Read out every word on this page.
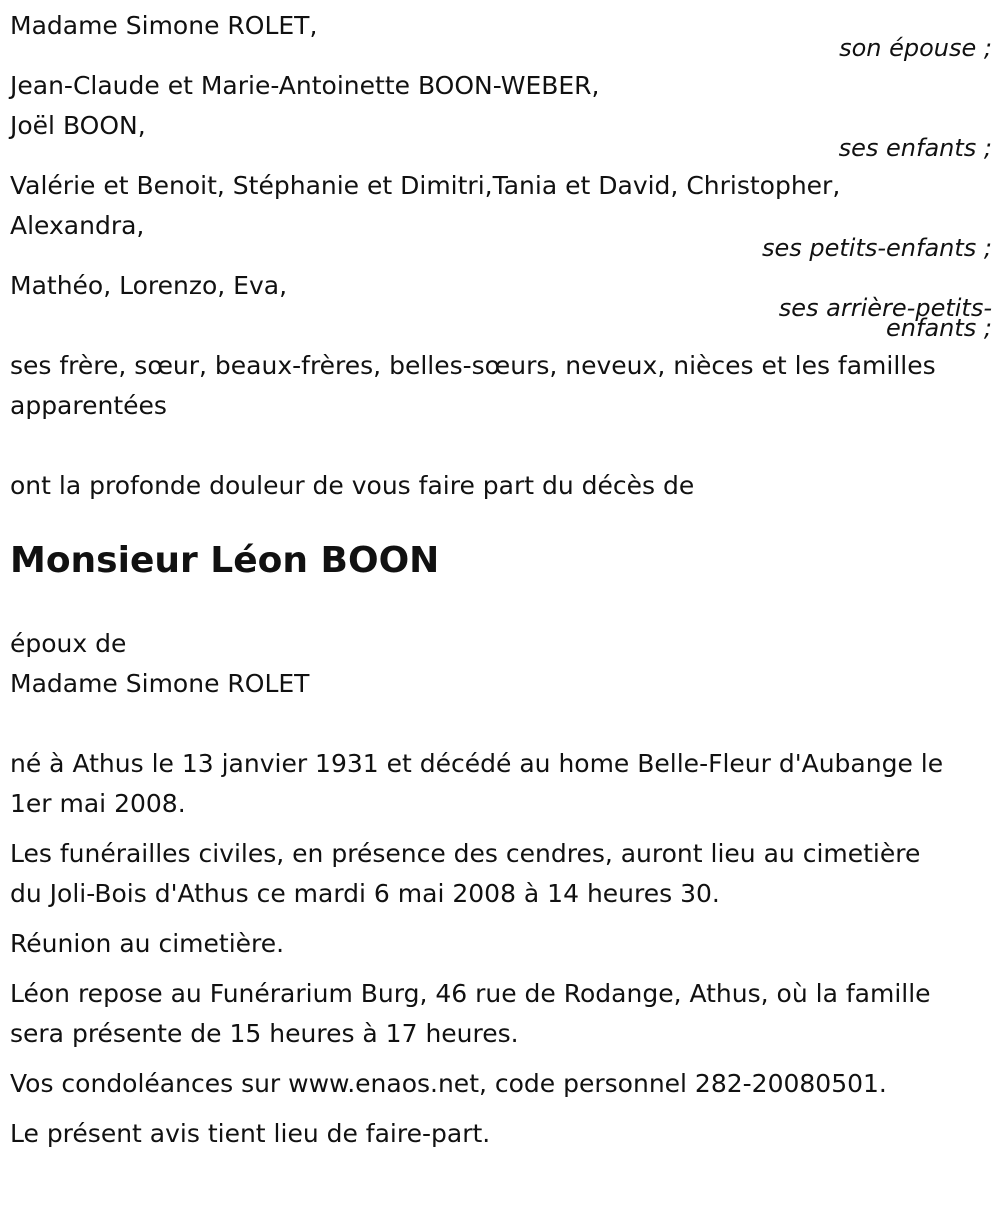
Madame Simone ROLET,
son épouse ;
Jean-Claude et Marie-Antoinette BOON-WEBER,
Joël BOON,
ses enfants ;
Valérie et Benoit, Stéphanie et Dimitri,Tania et David, Christopher,
Alexandra,
ses petits-enfants ;
Mathéo, Lorenzo, Eva,
ses arrière-petits-
enfants ;
ses frère, sœur, beaux-frères, belles-sœurs, neveux, nièces et les familles
apparentées
ont la profonde douleur de vous faire part du décès de
Monsieur Léon BOON
époux de
Madame Simone ROLET
né à Athus le 13 janvier 1931 et décédé au home Belle-Fleur d'Aubange le
1er mai 2008.
Les funérailles civiles, en présence des cendres, auront lieu au cimetière
du Joli-Bois d'Athus ce mardi 6 mai 2008 à 14 heures 30.
Réunion au cimetière.
Léon repose au Funérarium Burg, 46 rue de Rodange, Athus, où la famille
sera présente de 15 heures à 17 heures.
Vos condoléances sur www.enaos.net, code personnel 282-20080501.
Le présent avis tient lieu de faire-part.
